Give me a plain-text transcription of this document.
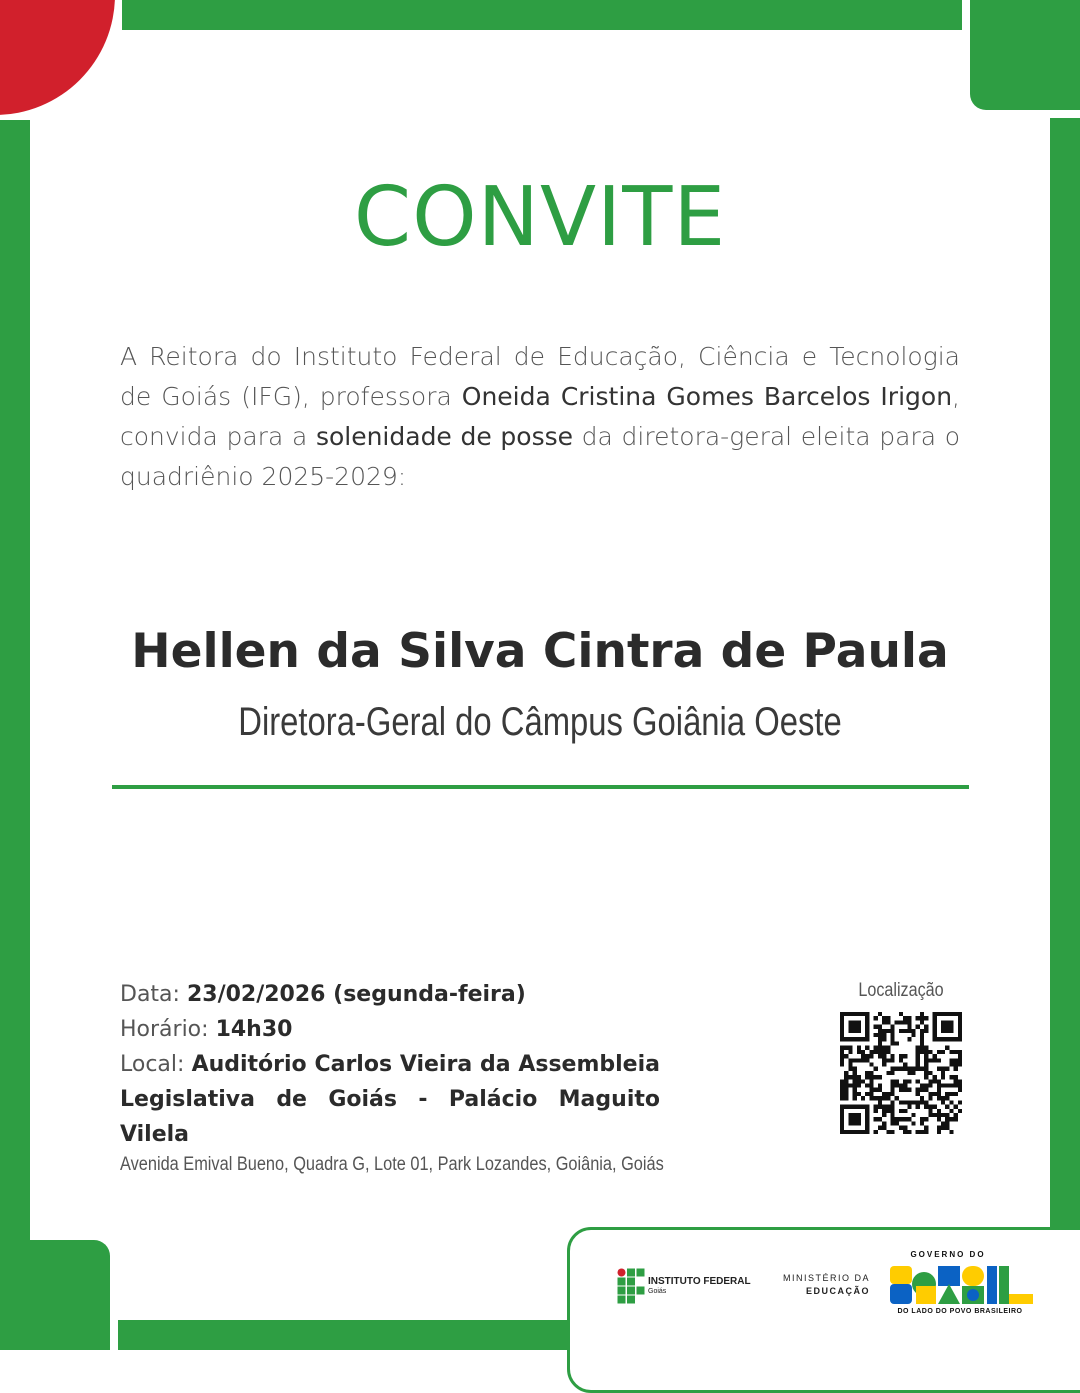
CONVITE

A Reitora do Instituto Federal de Educação, Ciência e Tecnologia de Goiás (IFG), professora Oneida Cristina Gomes Barcelos Irigon, convida para a solenidade de posse da diretora-geral eleita para o quadriênio 2025-2029:

Hellen da Silva Cintra de Paula
Diretora-Geral do Câmpus Goiânia Oeste
Data: 23/02/2026 (segunda-feira)
Horário: 14h30
Local: Auditório Carlos Vieira da Assembleia Legislativa de Goiás - Palácio Maguito Vilela
Avenida Emival Bueno, Quadra G, Lote 01, Park Lozandes, Goiânia, Goiás
Localização
INSTITUTO FEDERAL
Goiás
MINISTÉRIO DA
EDUCAÇÃO
GOVERNO DO
DO LADO DO POVO BRASILEIRO
